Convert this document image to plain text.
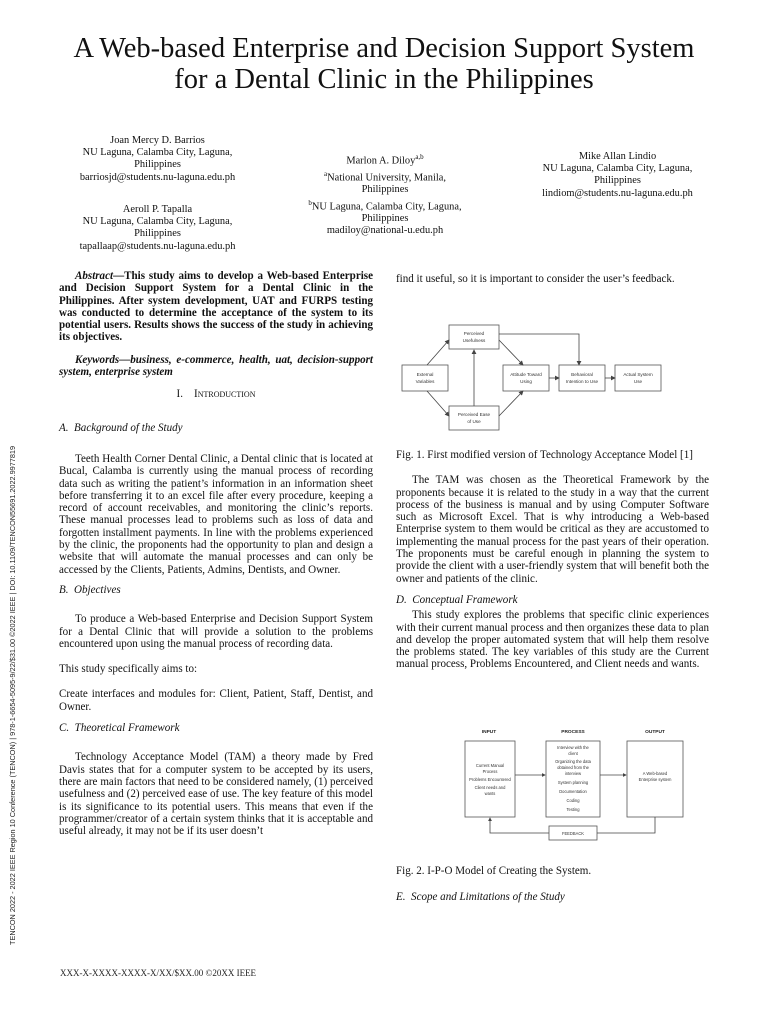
A Web-based Enterprise and Decision Support System for a Dental Clinic in the Philippines
Joan Mercy D. Barrios
NU Laguna, Calamba City, Laguna,
Philippines
barriosjd@students.nu-laguna.edu.ph
Aeroll P. Tapalla
NU Laguna, Calamba City, Laguna,
Philippines
tapallaap@students.nu-laguna.edu.ph
Marlon A. Diloy$^{a,b}$
$^a$National University, Manila,
Philippines
$^b$NU Laguna, Calamba City, Laguna,
Philippines
madiloy@national-u.edu.ph
Mike Allan Lindio
NU Laguna, Calamba City, Laguna,
Philippines
lindiom@students.nu-laguna.edu.ph
TENCON 2022 - 2022 IEEE Region 10 Conference (TENCON) | 978-1-6654-5095-9/22/$31.00 ©2022 IEEE | DOI: 10.1109/TENCON55691.2022.9977819

Abstract—This study aims to develop a Web-based Enterprise and Decision Support System for a Dental Clinic in the Philippines. After system development, UAT and FURPS testing was conducted to determine the acceptance of the system to its potential users. Results shows the success of the study in achieving its objectives.

Keywords—business, e-commerce, health, uat, decision-support system, enterprise system

I. Introduction

A. Background of the Study

Teeth Health Corner Dental Clinic, a Dental clinic that is located at Bucal, Calamba is currently using the manual process of recording data such as writing the patient’s information in an information sheet before transferring it to an excel file after every procedure, keeping a record of account receivables, and monitoring the clinic’s reports. These manual processes lead to problems such as loss of data and forgotten installment payments. In line with the problems experienced by the clinic, the proponents had the opportunity to plan and design a website that will automate the manual processes and can only be accessed by the Clients, Patients, Admins, Dentists, and Owner.

B. Objectives

To produce a Web-based Enterprise and Decision Support System for a Dental Clinic that will provide a solution to the problems encountered upon using the manual process of recording data.

This study specifically aims to:

Create interfaces and modules for: Client, Patient, Staff, Dentist, and Owner.

C. Theoretical Framework

Technology Acceptance Model (TAM) a theory made by Fred Davis states that for a computer system to be accepted by its users, there are main factors that need to be considered namely, (1) perceived usefulness and (2) perceived ease of use. The key feature of this model is its significance to its potential users. This means that even if the programmer/creator of a certain system thinks that it is acceptable and useful already, it may not be if its user doesn’t

find it useful, so it is important to consider the user’s feedback.

External
Variables
Perceived
Usefulness
Perceived Ease
of Use
Attitude Toward
Using
Behavioral
Intention to Use
Actual System
Use

Fig. 1. First modified version of Technology Acceptance Model [1]

The TAM was chosen as the Theoretical Framework by the proponents because it is related to the study in a way that the current process of the business is manual and by using Computer Software such as Microsoft Excel. That is why introducing a Web-based Enterprise system to them would be critical as they are accustomed to implementing the manual process for the past years of their operation. The proponents must be careful enough in planning the system to provide the client with a user-friendly system that will benefit both the owner and patients of the clinic.

D. Conceptual Framework

This study explores the problems that specific clinic experiences with their current manual process and then organizes these data to plan and develop the proper automated system that will help them resolve the problems stated. The key variables of this study are the Current manual process, Problems Encountered, and Client needs and wants.

INPUT	PROCESS	OUTPUT
Current Manual
Process
Problems Encountered
Client needs and
wants
Interview with the
client
Organizing the data
obtained from the
interview
System planning
Documentation
Coding
Testing
A Web-based
Enterprise system
FEEDBACK

Fig. 2. I-P-O Model of Creating the System.

E. Scope and Limitations of the Study

XXX-X-XXXX-XXXX-X/XX/$XX.00 ©20XX IEEE
